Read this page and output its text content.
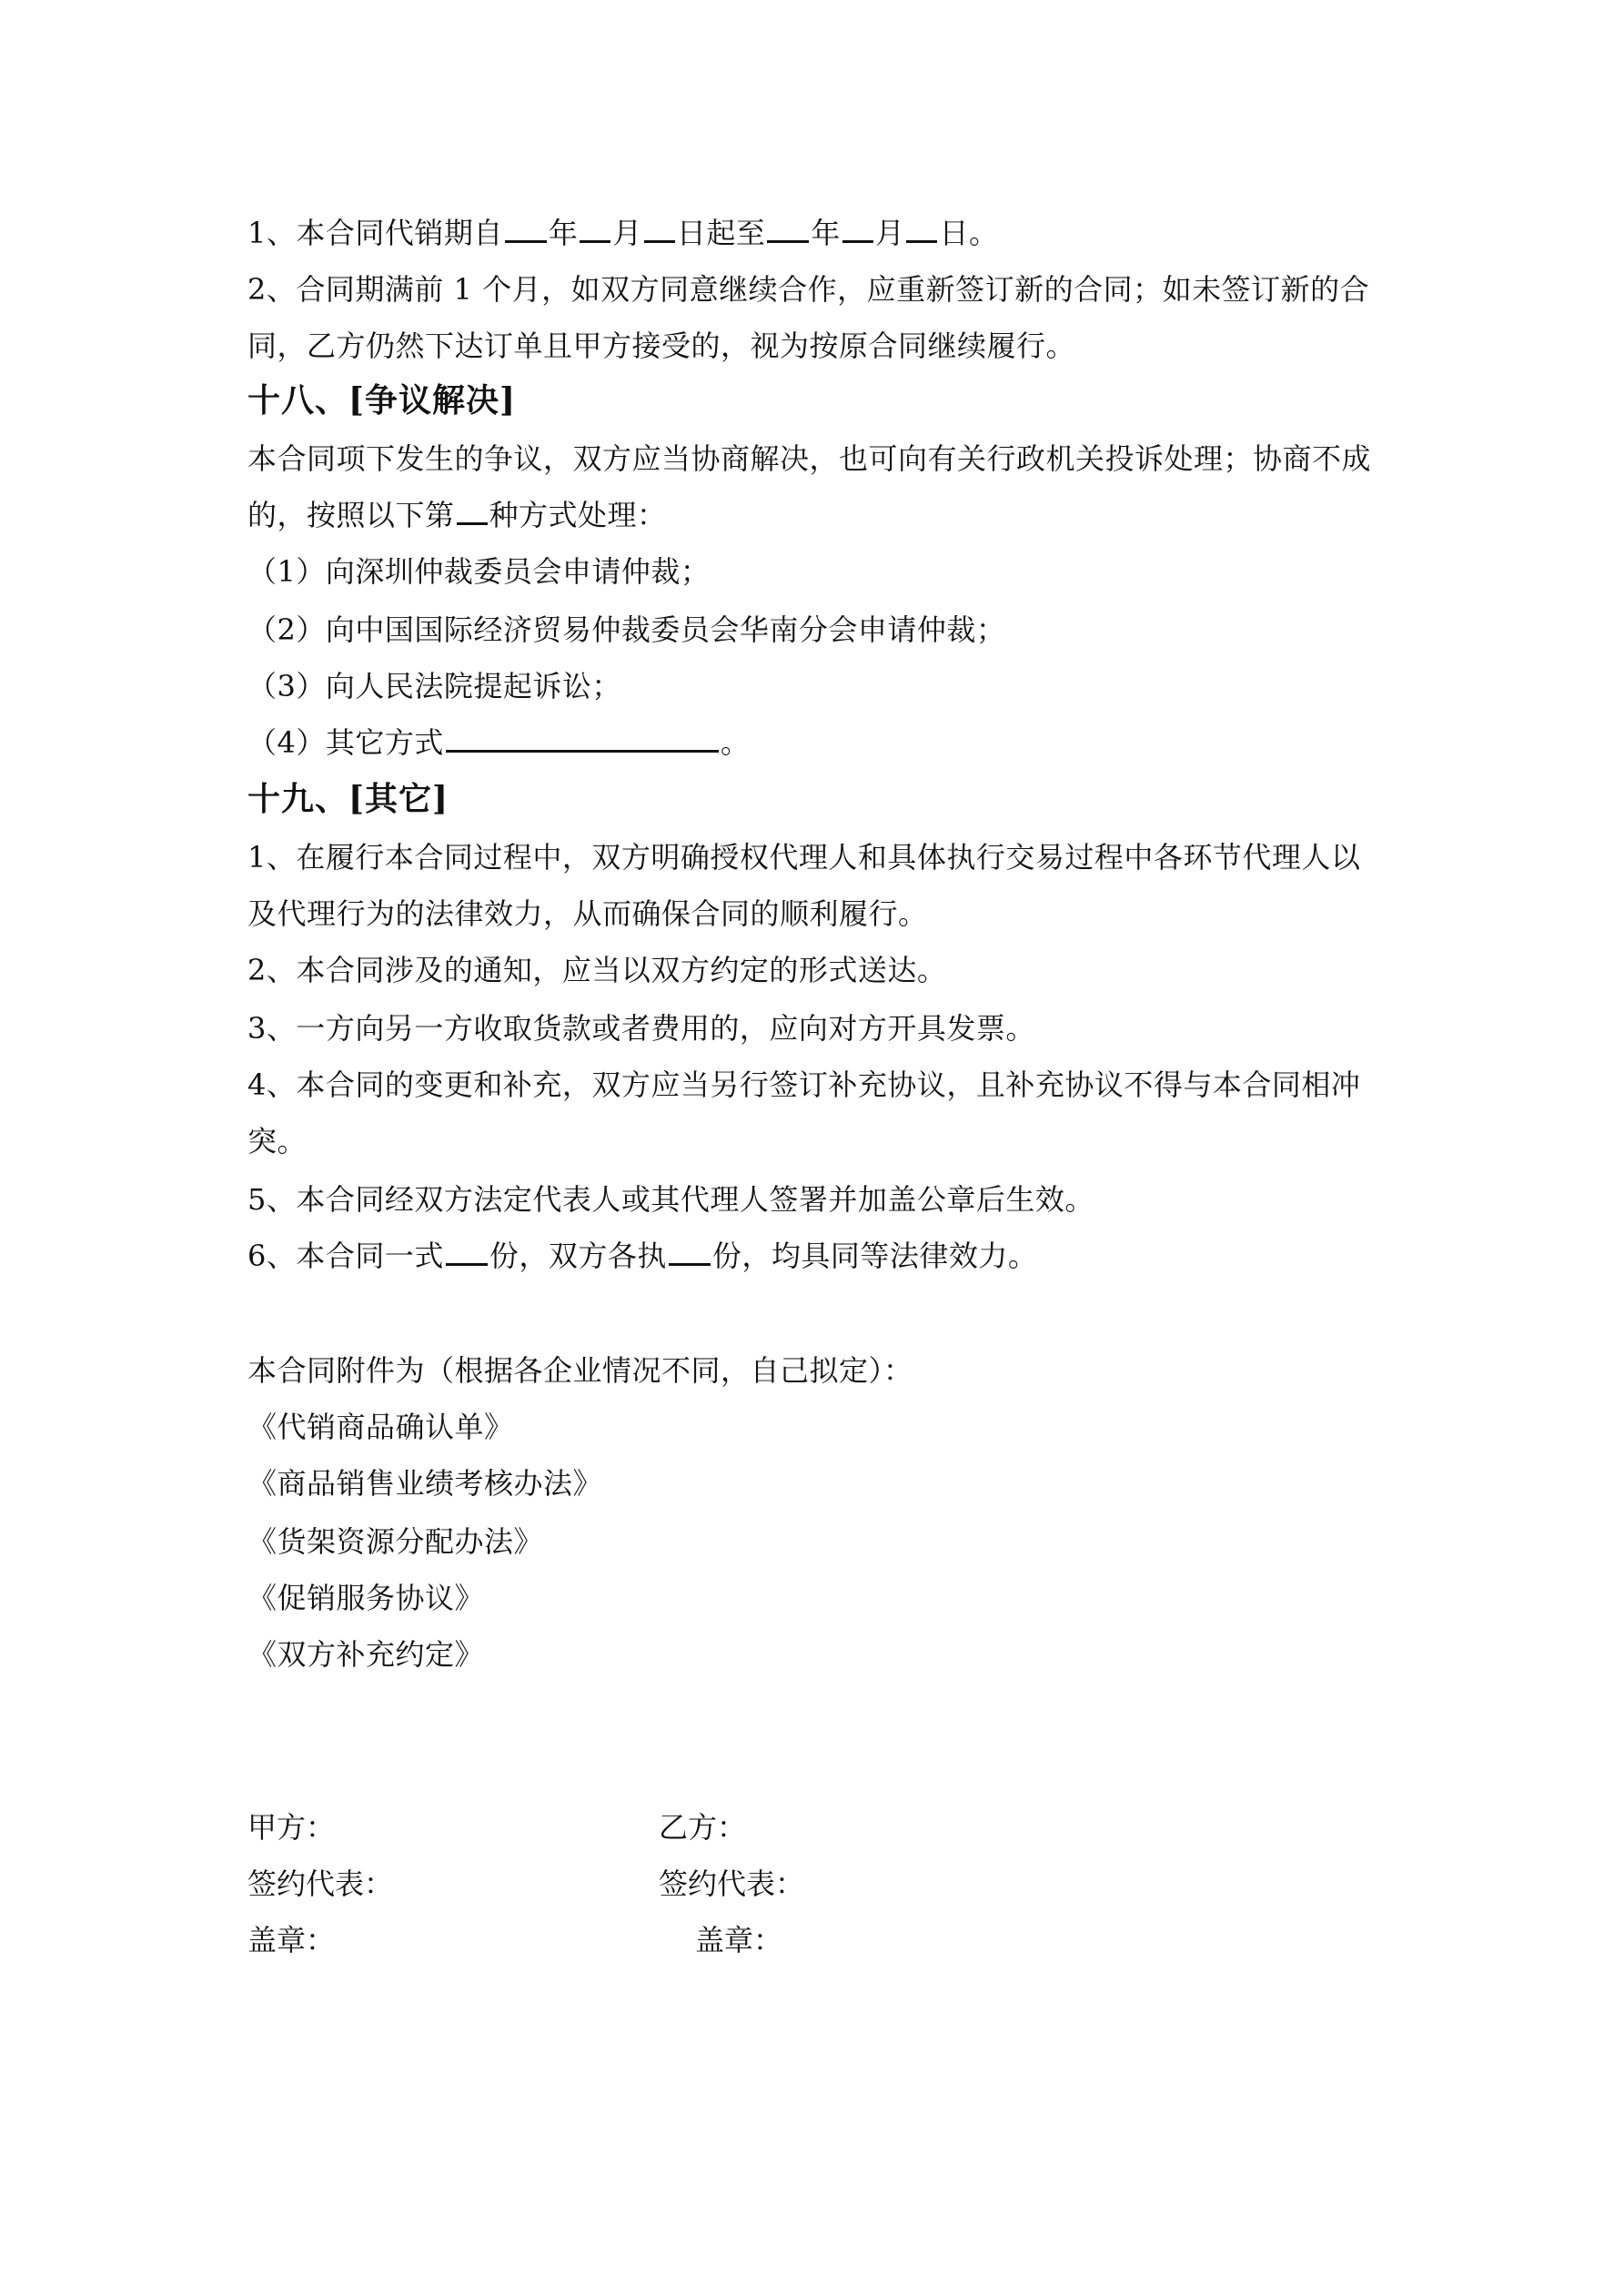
1、本合同代销期自 年 月 日起至 年 月 日。
2、合同期满前 1 个月，如双方同意继续合作，应重新签订新的合同；如未签订新的合
同，乙方仍然下达订单且甲方接受的，视为按原合同继续履行。
十八、[争议解决]
本合同项下发生的争议，双方应当协商解决，也可向有关行政机关投诉处理；协商不成
的，按照以下第 种方式处理：
（1）向深圳仲裁委员会申请仲裁；
（2）向中国国际经济贸易仲裁委员会华南分会申请仲裁；
（3）向人民法院提起诉讼；
（4）其它方式	。
十九、[其它]
1、在履行本合同过程中，双方明确授权代理人和具体执行交易过程中各环节代理人以
及代理行为的法律效力，从而确保合同的顺利履行。
2、本合同涉及的通知，应当以双方约定的形式送达。
3、一方向另一方收取货款或者费用的，应向对方开具发票。
4、本合同的变更和补充，双方应当另行签订补充协议，且补充协议不得与本合同相冲
突。
5、本合同经双方法定代表人或其代理人签署并加盖公章后生效。
6、本合同一式 份，双方各执 份，均具同等法律效力。
本合同附件为（根据各企业情况不同，自己拟定）：
《代销商品确认单》
《商品销售业绩考核办法》
《货架资源分配办法》
《促销服务协议》
《双方补充约定》
甲方：	乙方：
签约代表：	签约代表：
盖章：	盖章：
